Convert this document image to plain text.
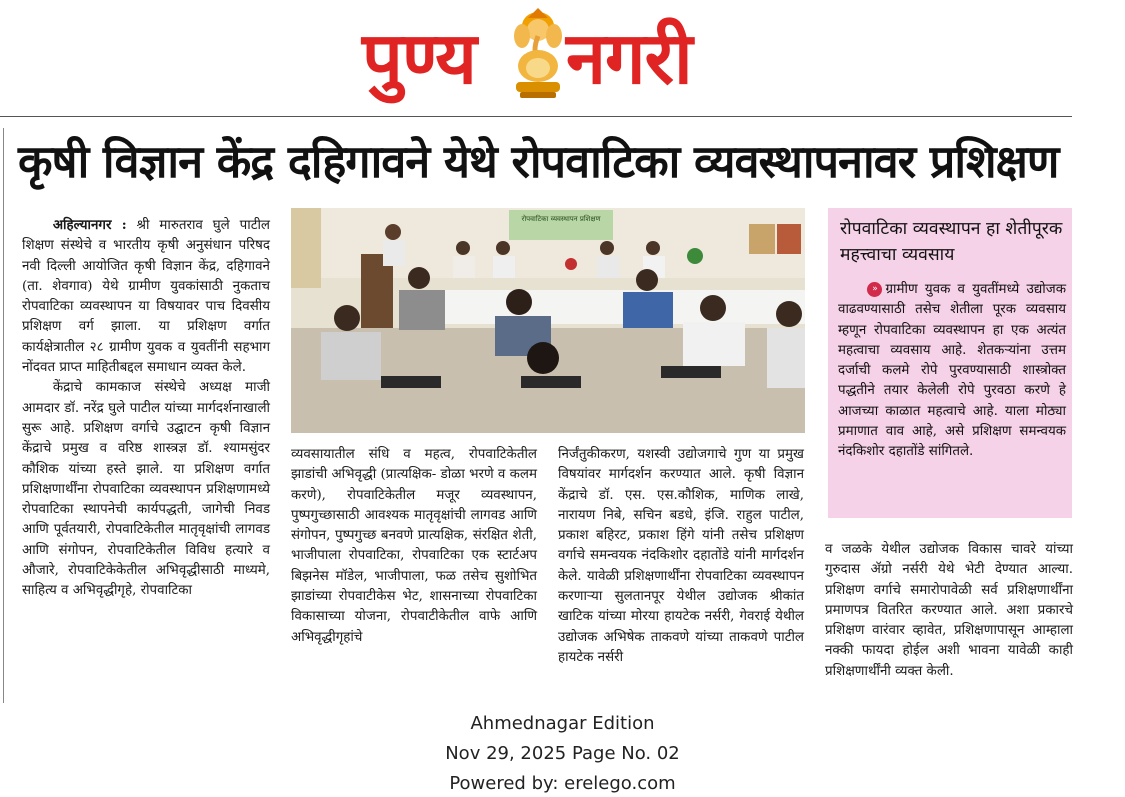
पुण्य नगरी
कृषी विज्ञान केंद्र दहिगावने येथे रोपवाटिका व्यवस्थापनावर प्रशिक्षण

अहिल्यानगर : श्री मारुतराव घुले पाटील शिक्षण संस्थेचे व भारतीय कृषी अनुसंधान परिषद नवी दिल्ली आयोजित कृषी विज्ञान केंद्र, दहिगावने (ता. शेवगाव) येथे ग्रामीण युवकांसाठी नुकताच रोपवाटिका व्यवस्थापन या विषयावर पाच दिवसीय प्रशिक्षण वर्ग झाला. या प्रशिक्षण वर्गात कार्यक्षेत्रातील २८ ग्रामीण युवक व युवतींनी सहभाग नोंदवत प्राप्त माहितीबद्दल समाधान व्यक्त केले.

केंद्राचे कामकाज संस्थेचे अध्यक्ष माजी आमदार डॉ. नरेंद्र घुले पाटील यांच्या मार्गदर्शनाखाली सुरू आहे. प्रशिक्षण वर्गाचे उद्घाटन कृषी विज्ञान केंद्राचे प्रमुख व वरिष्ठ शास्त्रज्ञ डॉ. श्यामसुंदर कौशिक यांच्या हस्ते झाले. या प्रशिक्षण वर्गात प्रशिक्षणार्थींना रोपवाटिका व्यवस्थापन प्रशिक्षणामध्ये रोपवाटिका स्थापनेची कार्यपद्धती, जागेची निवड आणि पूर्वतयारी, रोपवाटिकेतील मातृवृक्षांची लागवड आणि संगोपन, रोपवाटिकेतील विविध हत्यारे व औजारे, रोपवाटिकेकेतील अभिवृद्धीसाठी माध्यमे, साहित्य व अभिवृद्धीगृहे, रोपवाटिका

रोपवाटिका व्यवस्थापन प्रशिक्षण

व्यवसायातील संधि व महत्व, रोपवाटिकेतील झाडांची अभिवृद्धी (प्रात्यक्षिक- डोळा भरणे व कलम करणे), रोपवाटिकेतील मजूर व्यवस्थापन, पुष्पगुच्छासाठी आवश्यक मातृवृक्षांची लागवड आणि संगोपन, पुष्पगुच्छ बनवणे प्रात्यक्षिक, संरक्षित शेती, भाजीपाला रोपवाटिका, रोपवाटिका एक स्टार्टअप बिझनेस मॉडेल, भाजीपाला, फळ तसेच सुशोभित झाडांच्या रोपवाटीकेस भेट, शासनाच्या रोपवाटिका विकासाच्या योजना, रोपवाटीकेतील वाफे आणि अभिवृद्धीगृहांचे

निर्जंतुकीकरण, यशस्वी उद्योजगाचे गुण या प्रमुख विषयांवर मार्गदर्शन करण्यात आले. कृषी विज्ञान केंद्राचे डॉ. एस. एस.कौशिक, माणिक लाखे, नारायण निबे, सचिन बडधे, इंजि. राहुल पाटील, प्रकाश बहिरट, प्रकाश हिंगे यांनी तसेच प्रशिक्षण वर्गाचे समन्वयक नंदकिशोर दहातोंडे यांनी मार्गदर्शन केले. यावेळी प्रशिक्षणार्थींना रोपवाटिका व्यवस्थापन करणाऱ्या सुलतानपूर येथील उद्योजक श्रीकांत खाटिक यांच्या मोरया हायटेक नर्सरी, गेवराई येथील उद्योजक अभिषेक ताकवणे यांच्या ताकवणे पाटील हायटेक नर्सरी

रोपवाटिका व्यवस्थापन हा शेतीपूरक महत्त्वाचा व्यवसाय
» ग्रामीण युवक व युवतींमध्ये उद्योजक वाढवण्यासाठी तसेच शेतीला पूरक व्यवसाय म्हणून रोपवाटिका व्यवस्थापन हा एक अत्यंत महत्वाचा व्यवसाय आहे. शेतकऱ्यांना उत्तम दर्जाची कलमे रोपे पुरवण्यासाठी शास्त्रोक्त पद्धतीने तयार केलेली रोपे पुरवठा करणे हे आजच्या काळात महत्वाचे आहे. याला मोठ्या प्रमाणात वाव आहे, असे प्रशिक्षण समन्वयक नंदकिशोर दहातोंडे सांगितले.

व जळके येथील उद्योजक विकास चावरे यांच्या गुरुदास ॲग्रो नर्सरी येथे भेटी देण्यात आल्या. प्रशिक्षण वर्गाचे समारोपावेळी सर्व प्रशिक्षणार्थींना प्रमाणपत्र वितरित करण्यात आले. अशा प्रकारचे प्रशिक्षण वारंवार व्हावेत, प्रशिक्षणापासून आम्हाला नक्की फायदा होईल अशी भावना यावेळी काही प्रशिक्षणार्थींनी व्यक्त केली.

Ahmednagar Edition
Nov 29, 2025 Page No. 02
Powered by: erelego.com
